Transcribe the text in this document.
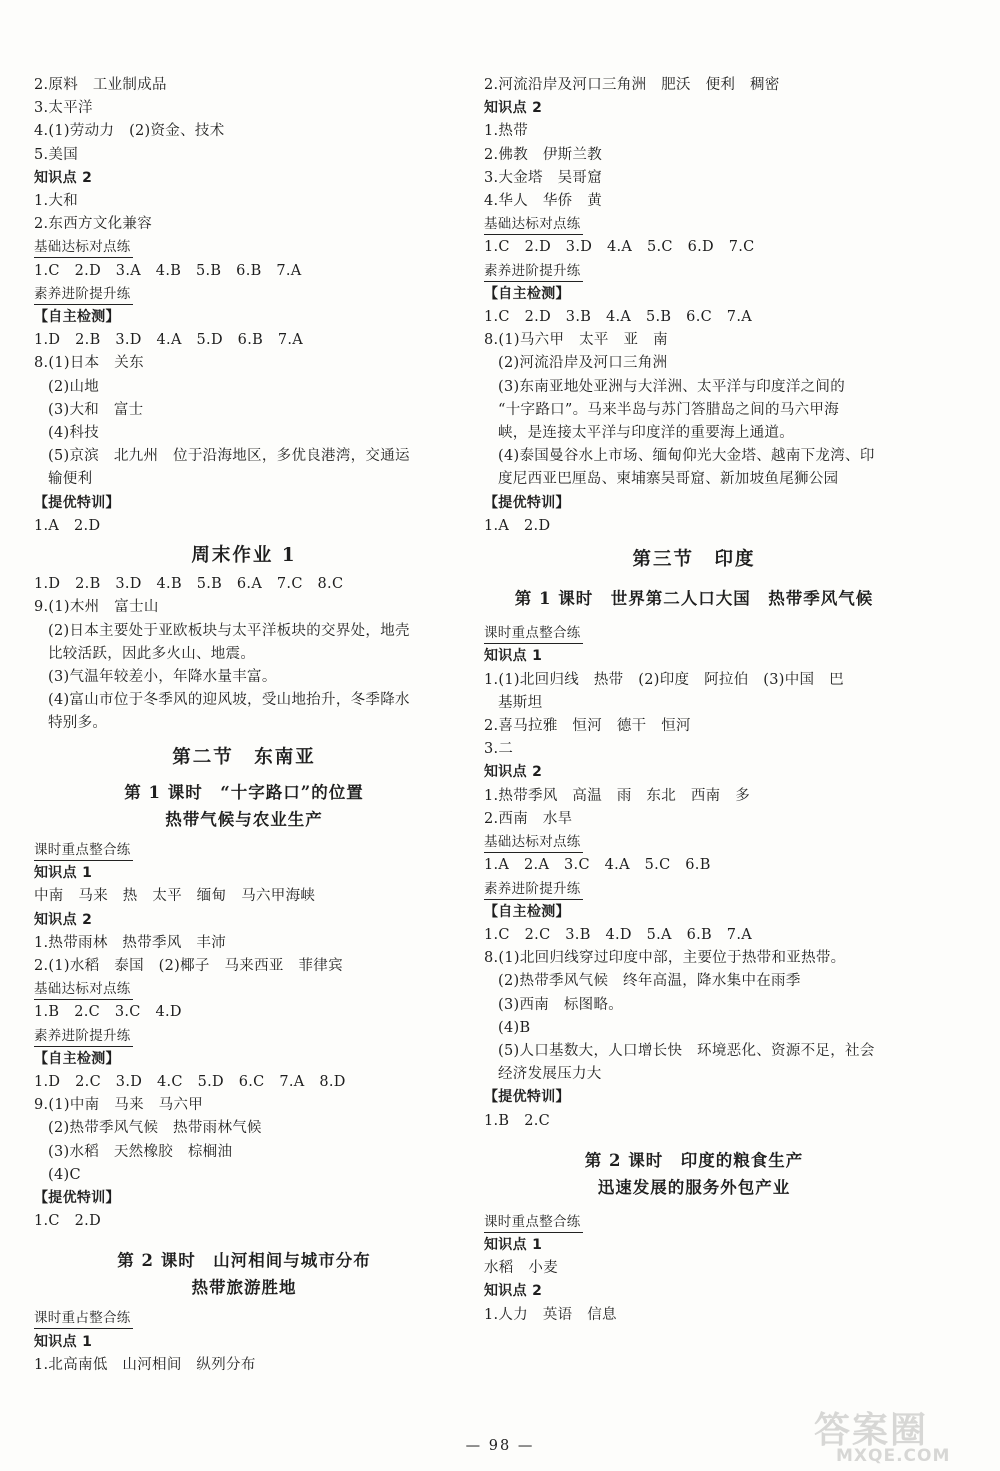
2.原料　工业制成品
3.太平洋
4.(1)劳动力　(2)资金、技术
5.美国
知识点 2
1.大和
2.东西方文化兼容
基础达标对点练
1.C　2.D　3.A　4.B　5.B　6.B　7.A
素养进阶提升练
【自主检测】
1.D　2.B　3.D　4.A　5.D　6.B　7.A
8.(1)日本　关东
(2)山地
(3)大和　富士
(4)科技
(5)京滨　北九州　位于沿海地区，多优良港湾，交通运
输便利
【提优特训】
1.A　2.D
周末作业 1
1.D　2.B　3.D　4.B　5.B　6.A　7.C　8.C
9.(1)木州　富士山
(2)日本主要处于亚欧板块与太平洋板块的交界处，地壳
比较活跃，因此多火山、地震。
(3)气温年较差小，年降水量丰富。
(4)富山市位于冬季风的迎风坡，受山地抬升，冬季降水
特别多。
第二节　东南亚
第 1 课时　“十字路口”的位置
热带气候与农业生产
课时重点整合练
知识点 1
中南　马来　热　太平　缅甸　马六甲海峡
知识点 2
1.热带雨林　热带季风　丰沛
2.(1)水稻　泰国　(2)椰子　马来西亚　菲律宾
基础达标对点练
1.B　2.C　3.C　4.D
素养进阶提升练
【自主检测】
1.D　2.C　3.D　4.C　5.D　6.C　7.A　8.D
9.(1)中南　马来　马六甲
(2)热带季风气候　热带雨林气候
(3)水稻　天然橡胶　棕榈油
(4)C
【提优特训】
1.C　2.D
第 2 课时　山河相间与城市分布
热带旅游胜地
课时重占整合练
知识点 1
1.北高南低　山河相间　纵列分布
2.河流沿岸及河口三角洲　肥沃　便利　稠密
知识点 2
1.热带
2.佛教　伊斯兰教
3.大金塔　吴哥窟
4.华人　华侨　黄
基础达标对点练
1.C　2.D　3.D　4.A　5.C　6.D　7.C
素养进阶提升练
【自主检测】
1.C　2.D　3.B　4.A　5.B　6.C　7.A
8.(1)马六甲　太平　亚　南
(2)河流沿岸及河口三角洲
(3)东南亚地处亚洲与大洋洲、太平洋与印度洋之间的
“十字路口”。马来半岛与苏门答腊岛之间的马六甲海
峡，是连接太平洋与印度洋的重要海上通道。
(4)泰国曼谷水上市场、缅甸仰光大金塔、越南下龙湾、印
度尼西亚巴厘岛、柬埔寨吴哥窟、新加坡鱼尾狮公园
【提优特训】
1.A　2.D
第三节　印度
第 1 课时　世界第二人口大国　热带季风气候
课时重点整合练
知识点 1
1.(1)北回归线　热带　(2)印度　阿拉伯　(3)中国　巴
基斯坦
2.喜马拉雅　恒河　德干　恒河
3.二
知识点 2
1.热带季风　高温　雨　东北　西南　多
2.西南　水旱
基础达标对点练
1.A　2.A　3.C　4.A　5.C　6.B
素养进阶提升练
【自主检测】
1.C　2.C　3.B　4.D　5.A　6.B　7.A
8.(1)北回归线穿过印度中部，主要位于热带和亚热带。
(2)热带季风气候　终年高温，降水集中在雨季
(3)西南　标图略。
(4)B
(5)人口基数大，人口增长快　环境恶化、资源不足，社会
经济发展压力大
【提优特训】
1.B　2.C
第 2 课时　印度的粮食生产
迅速发展的服务外包产业
课时重点整合练
知识点 1
水稻　小麦
知识点 2
1.人力　英语　信息
— 98 —	答案圈
MXQE.COM
